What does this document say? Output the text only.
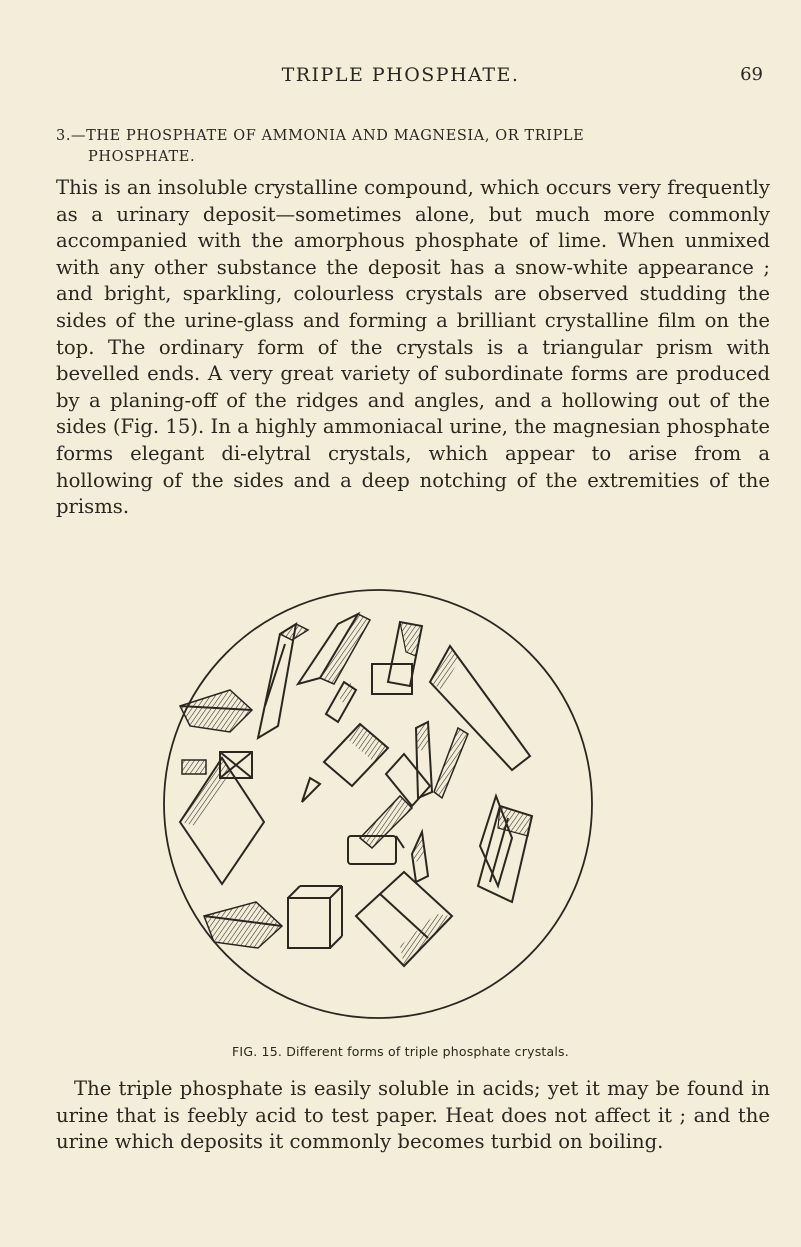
TRIPLE PHOSPHATE.	69
3.—THE PHOSPHATE OF AMMONIA AND MAGNESIA, OR TRIPLE
PHOSPHATE.

This is an insoluble crystalline compound, which occurs very frequently as a urinary deposit—sometimes alone, but much more commonly accompanied with the amorphous phosphate of lime. When unmixed with any other substance the deposit has a snow-white appearance ; and bright, sparkling, colourless crystals are observed studding the sides of the urine-glass and forming a brilliant crystalline film on the top. The ordinary form of the crystals is a triangular prism with bevelled ends. A very great variety of subordinate forms are produced by a planing-off of the ridges and angles, and a hollowing out of the sides (Fig. 15). In a highly ammoniacal urine, the magnesian phosphate forms elegant di-elytral crystals, which appear to arise from a hollowing of the sides and a deep notching of the extremities of the prisms.

FIG. 15. Different forms of triple phosphate crystals.

The triple phosphate is easily soluble in acids; yet it may be found in urine that is feebly acid to test paper. Heat does not affect it ; and the urine which deposits it commonly becomes turbid on boiling.
